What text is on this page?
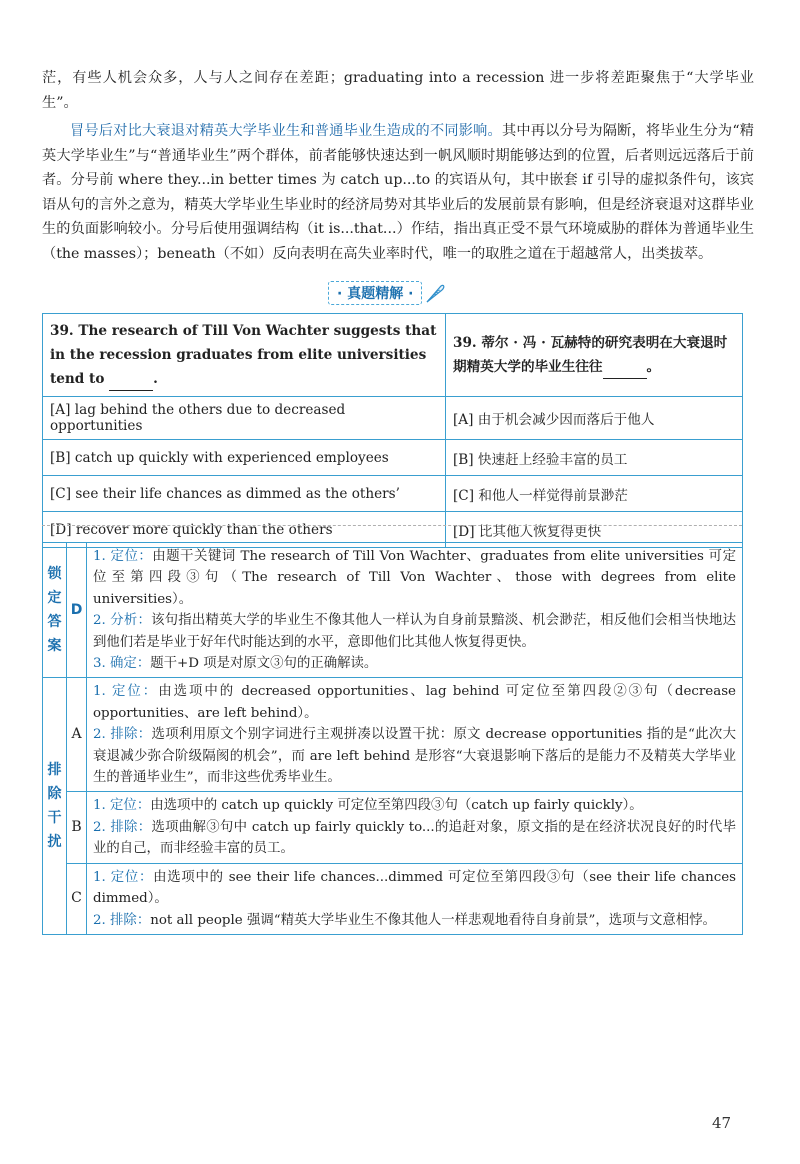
茫，有些人机会众多，人与人之间存在差距；graduating into a recession 进一步将差距聚焦于“大学毕业生”。

冒号后对比大衰退对精英大学毕业生和普通毕业生造成的不同影响。其中再以分号为隔断，将毕业生分为“精英大学毕业生”与“普通毕业生”两个群体，前者能够快速达到一帆风顺时期能够达到的位置，后者则远远落后于前者。分号前 where they...in better times 为 catch up...to 的宾语从句，其中嵌套 if 引导的虚拟条件句，该宾语从句的言外之意为，精英大学毕业生毕业时的经济局势对其毕业后的发展前景有影响，但是经济衰退对这群毕业生的负面影响较小。分号后使用强调结构（it is...that...）作结，指出真正受不景气环境威胁的群体为普通毕业生（the masses）；beneath（不如）反向表明在高失业率时代，唯一的取胜之道在于超越常人，出类拔萃。

· 真题精解 ·
39. The research of Till Von Wachter suggests that in the recession graduates from elite universities tend to .	39. 蒂尔 · 冯 · 瓦赫特的研究表明在大衰退时期精英大学的毕业生往往 。
[A] lag behind the others due to decreased opportunities	[A] 由于机会减少因而落后于他人
[B] catch up quickly with experienced employees	[B] 快速赶上经验丰富的员工
[C] see their life chances as dimmed as the others’	[C] 和他人一样觉得前景渺茫
[D] recover more quickly than the others	[D] 比其他人恢复得更快
锁定答案	D	1. 定位：由题干关键词 The research of Till Von Wachter、graduates from elite universities 可定位至第四段③句（The research of Till Von Wachter、those with degrees from elite universities）。
2. 分析：该句指出精英大学的毕业生不像其他人一样认为自身前景黯淡、机会渺茫，相反他们会相当快地达到他们若是毕业于好年代时能达到的水平，意即他们比其他人恢复得更快。
3. 确定：题干+D 项是对原文③句的正确解读。

排除干扰	A	1. 定位：由选项中的 decreased opportunities、lag behind 可定位至第四段②③句（decrease opportunities、are left behind）。
2. 排除：选项利用原文个别字词进行主观拼凑以设置干扰：原文 decrease opportunities 指的是“此次大衰退减少弥合阶级隔阂的机会”，而 are left behind 是形容“大衰退影响下落后的是能力不及精英大学毕业生的普通毕业生”，而非这些优秀毕业生。

	B	1. 定位：由选项中的 catch up quickly 可定位至第四段③句（catch up fairly quickly）。
2. 排除：选项曲解③句中 catch up fairly quickly to...的追赶对象，原文指的是在经济状况良好的时代毕业的自己，而非经验丰富的员工。

	C	1. 定位：由选项中的 see their life chances...dimmed 可定位至第四段③句（see their life chances dimmed）。
2. 排除：not all people 强调“精英大学毕业生不像其他人一样悲观地看待自身前景”，选项与文意相悖。
47
